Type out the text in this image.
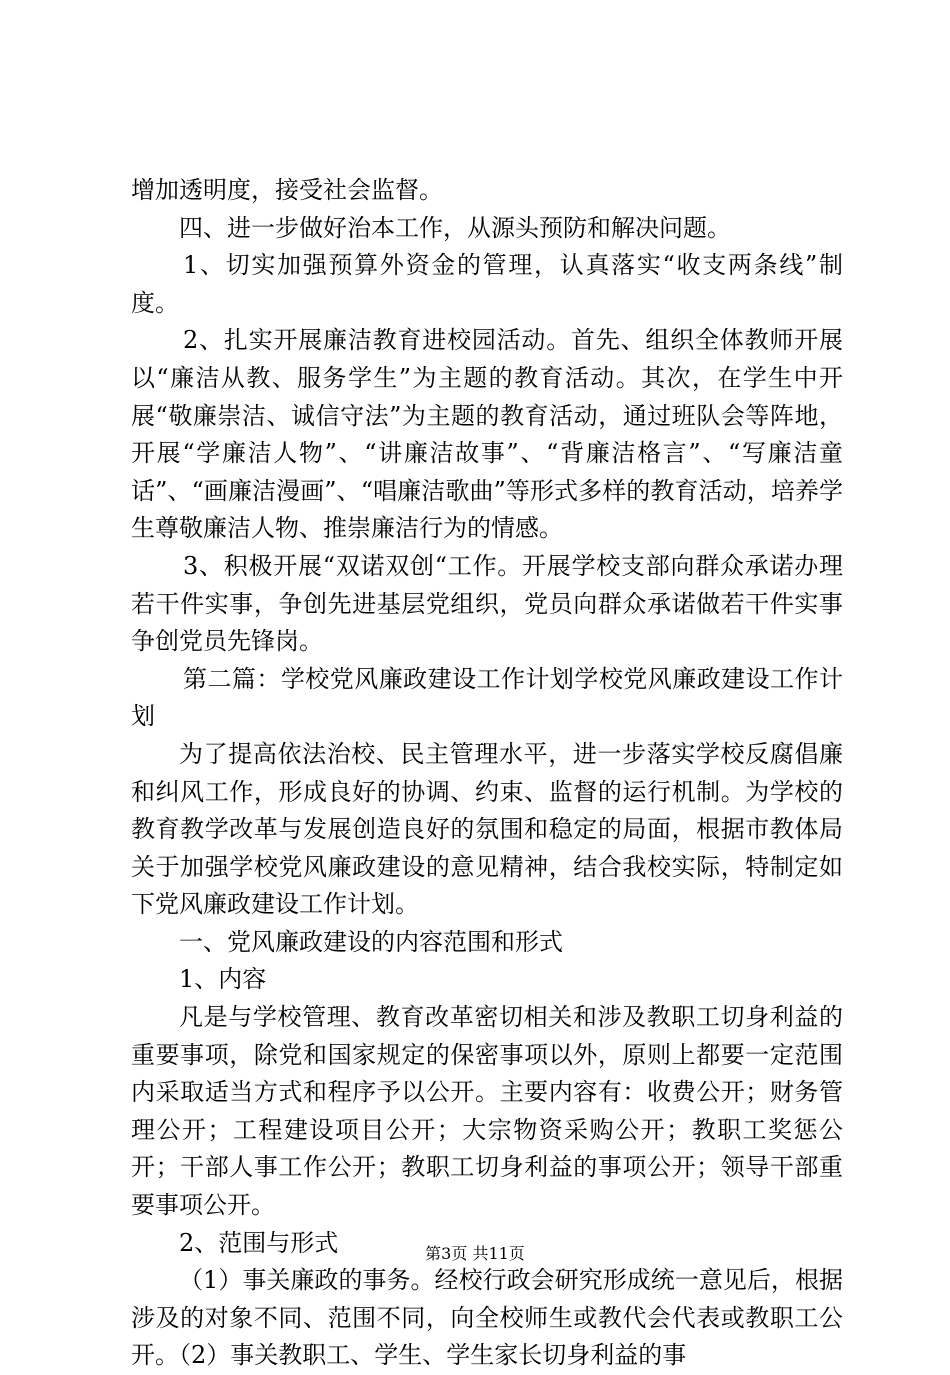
增加透明度，接受社会监督。

四、进一步做好治本工作，从源头预防和解决问题。

1、切实加强预算外资金的管理，认真落实“收支两条线”制度。

2、扎实开展廉洁教育进校园活动。首先、组织全体教师开展以“廉洁从教、服务学生”为主题的教育活动。其次，在学生中开展“敬廉崇洁、诚信守法”为主题的教育活动，通过班队会等阵地，开展“学廉洁人物”、“讲廉洁故事”、“背廉洁格言”、“写廉洁童话”、“画廉洁漫画”、“唱廉洁歌曲”等形式多样的教育活动，培养学生尊敬廉洁人物、推崇廉洁行为的情感。

3、积极开展“双诺双创“工作。开展学校支部向群众承诺办理若干件实事，争创先进基层党组织，党员向群众承诺做若干件实事争创党员先锋岗。

第二篇：学校党风廉政建设工作计划学校党风廉政建设工作计划

为了提高依法治校、民主管理水平，进一步落实学校反腐倡廉和纠风工作，形成良好的协调、约束、监督的运行机制。为学校的教育教学改革与发展创造良好的氛围和稳定的局面，根据市教体局关于加强学校党风廉政建设的意见精神，结合我校实际，特制定如下党风廉政建设工作计划。

一、党风廉政建设的内容范围和形式

1、内容

凡是与学校管理、教育改革密切相关和涉及教职工切身利益的重要事项，除党和国家规定的保密事项以外，原则上都要一定范围内采取适当方式和程序予以公开。主要内容有：收费公开；财务管理公开；工程建设项目公开；大宗物资采购公开；教职工奖惩公开；干部人事工作公开；教职工切身利益的事项公开；领导干部重要事项公开。

2、范围与形式

（1）事关廉政的事务。经校行政会研究形成统一意见后，根据涉及的对象不同、范围不同，向全校师生或教代会代表或教职工公开。（2）事关教职工、学生、学生家长切身利益的事

第3页 共11页
